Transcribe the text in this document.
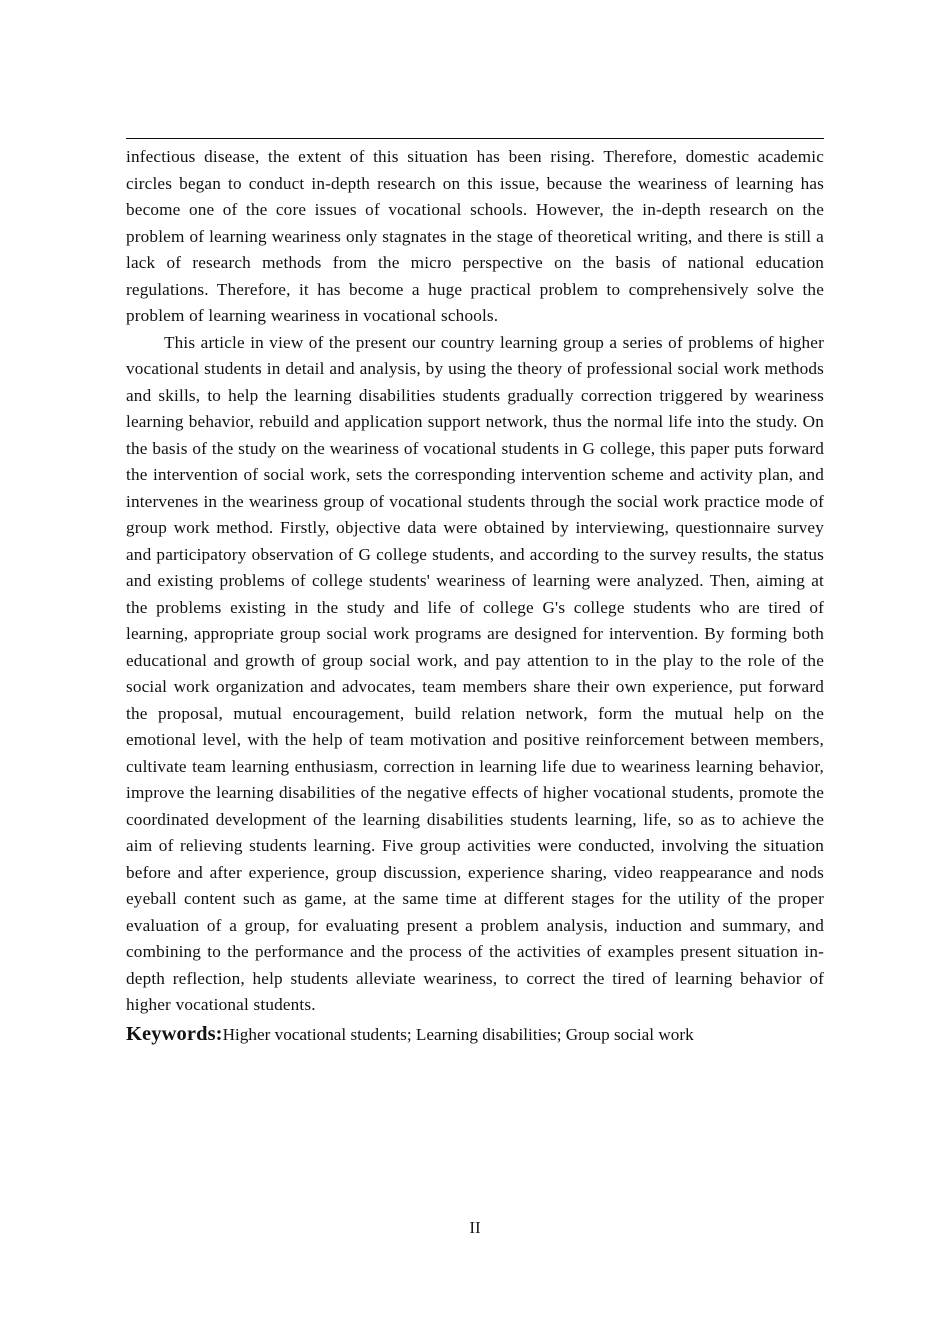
infectious disease, the extent of this situation has been rising. Therefore, domestic academic circles began to conduct in-depth research on this issue, because the weariness of learning has become one of the core issues of vocational schools. However, the in-depth research on the problem of learning weariness only stagnates in the stage of theoretical writing, and there is still a lack of research methods from the micro perspective on the basis of national education regulations. Therefore, it has become a huge practical problem to comprehensively solve the problem of learning weariness in vocational schools.

This article in view of the present our country learning group a series of problems of higher vocational students in detail and analysis, by using the theory of professional social work methods and skills, to help the learning disabilities students gradually correction triggered by weariness learning behavior, rebuild and application support network, thus the normal life into the study. On the basis of the study on the weariness of vocational students in G college, this paper puts forward the intervention of social work, sets the corresponding intervention scheme and activity plan, and intervenes in the weariness group of vocational students through the social work practice mode of group work method. Firstly, objective data were obtained by interviewing, questionnaire survey and participatory observation of G college students, and according to the survey results, the status and existing problems of college students' weariness of learning were analyzed. Then, aiming at the problems existing in the study and life of college G's college students who are tired of learning, appropriate group social work programs are designed for intervention. By forming both educational and growth of group social work, and pay attention to in the play to the role of the social work organization and advocates, team members share their own experience, put forward the proposal, mutual encouragement, build relation network, form the mutual help on the emotional level, with the help of team motivation and positive reinforcement between members, cultivate team learning enthusiasm, correction in learning life due to weariness learning behavior, improve the learning disabilities of the negative effects of higher vocational students, promote the coordinated development of the learning disabilities students learning, life, so as to achieve the aim of relieving students learning. Five group activities were conducted, involving the situation before and after experience, group discussion, experience sharing, video reappearance and nods eyeball content such as game, at the same time at different stages for the utility of the proper evaluation of a group, for evaluating present a problem analysis, induction and summary, and combining to the performance and the process of the activities of examples present situation in-depth reflection, help students alleviate weariness, to correct the tired of learning behavior of higher vocational students.

Keywords:Higher vocational students; Learning disabilities; Group social work

II
